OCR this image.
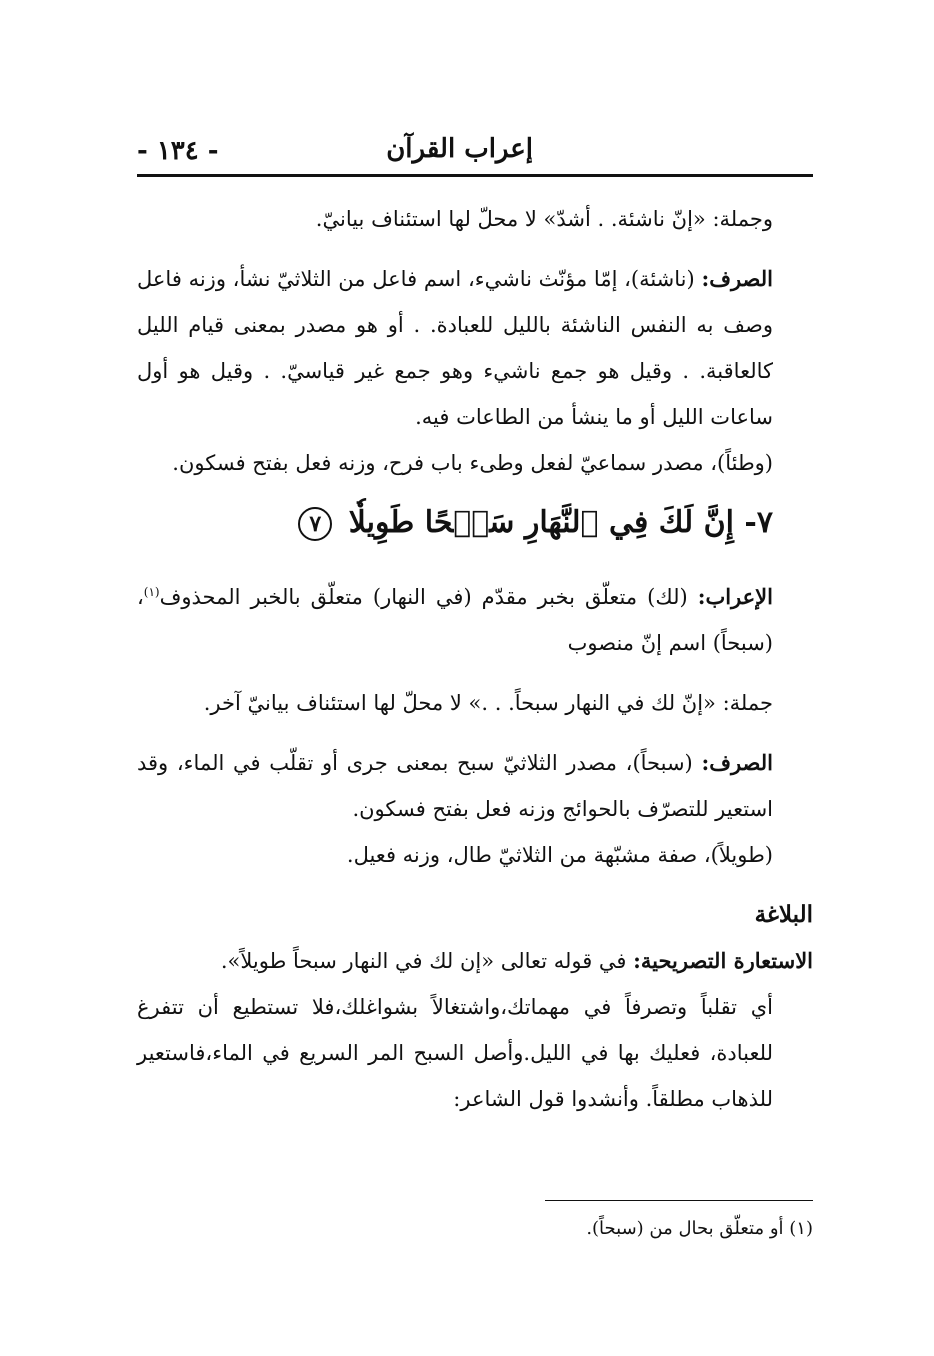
إعراب القرآن
- ١٣٤ -

وجملة: «إنّ ناشئة. . أشدّ» لا محلّ لها استئناف بيانيّ.

الصرف: (ناشئة)، إمّا مؤنّث ناشيء، اسم فاعل من الثلاثيّ نشأ، وزنه فاعل وصف به النفس الناشئة بالليل للعبادة. . أو هو مصدر بمعنى قيام الليل كالعاقبة. . وقيل هو جمع ناشيء وهو جمع غير قياسيّ. . وقيل هو أول ساعات الليل أو ما ينشأ من الطاعات فيه.

(وطئاً)، مصدر سماعيّ لفعل وطىء باب فرح، وزنه فعل بفتح فسكون.

٧- إِنَّ لَكَ فِي ٱلنَّهَارِ سَبۡحًا طَوِيلٗا ٧

الإعراب: (لك) متعلّق بخبر مقدّم (في النهار) متعلّق بالخبر المحذوف$^{(١)}$، (سبحاً) اسم إنّ منصوب

جملة: «إنّ لك في النهار سبحاً. . .» لا محلّ لها استئناف بيانيّ آخر.

الصرف: (سبحاً)، مصدر الثلاثيّ سبح بمعنى جرى أو تقلّب في الماء، وقد استعير للتصرّف بالحوائج وزنه فعل بفتح فسكون.

(طويلاً)، صفة مشبّهة من الثلاثيّ طال، وزنه فعيل.

البلاغة

الاستعارة التصريحية: في قوله تعالى «إن لك في النهار سبحاً طويلاً».

أي تقلباً وتصرفاً في مهماتك،واشتغالاً بشواغلك،فلا تستطيع أن تتفرغ للعبادة، فعليك بها في الليل.وأصل السبح المر السريع في الماء،فاستعير للذهاب مطلقاً. وأنشدوا قول الشاعر:

(١) أو متعلّق بحال من (سبحاً).
